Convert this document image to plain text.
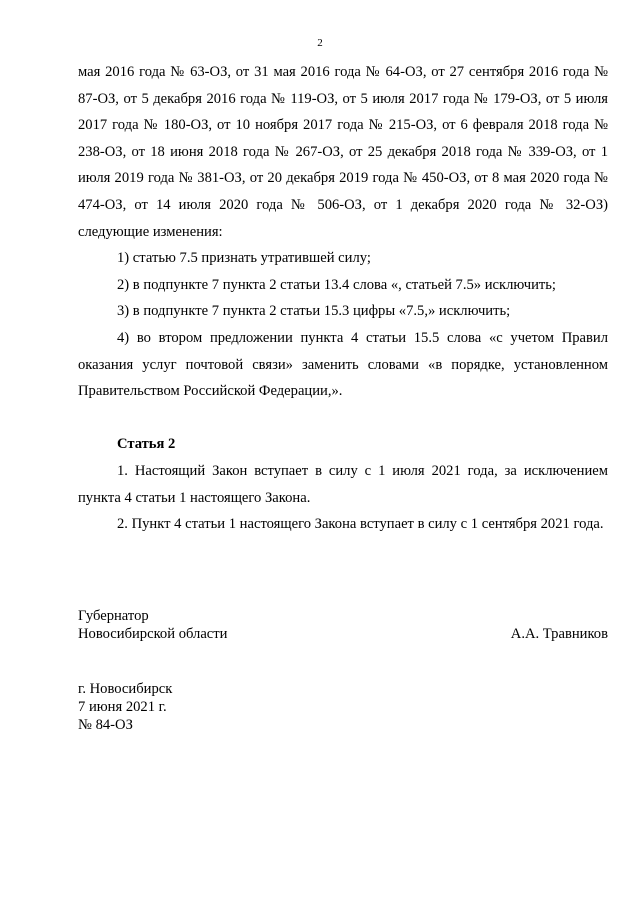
2

мая 2016 года № 63-ОЗ, от 31 мая 2016 года № 64-ОЗ, от 27 сентября 2016 года № 87-ОЗ, от 5 декабря 2016 года № 119-ОЗ, от 5 июля 2017 года № 179-ОЗ, от 5 июля 2017 года № 180-ОЗ, от 10 ноября 2017 года № 215-ОЗ, от 6 февраля 2018 года № 238-ОЗ, от 18 июня 2018 года № 267-ОЗ, от 25 декабря 2018 года № 339-ОЗ, от 1 июля 2019 года № 381-ОЗ, от 20 декабря 2019 года № 450-ОЗ, от 8 мая 2020 года № 474-ОЗ, от 14 июля 2020 года № 506-ОЗ, от 1 декабря 2020 года № 32-ОЗ) следующие изменения:

1) статью 7.5 признать утратившей силу;

2) в подпункте 7 пункта 2 статьи 13.4 слова «, статьей 7.5» исключить;

3) в подпункте 7 пункта 2 статьи 15.3 цифры «7.5,» исключить;

4) во втором предложении пункта 4 статьи 15.5 слова «с учетом Правил оказания услуг почтовой связи» заменить словами «в порядке, установленном Правительством Российской Федерации,».

Статья 2

1. Настоящий Закон вступает в силу с 1 июля 2021 года, за исключением пункта 4 статьи 1 настоящего Закона.

2. Пункт 4 статьи 1 настоящего Закона вступает в силу с 1 сентября 2021 года.

Губернатор
Новосибирской области	А.А. Травников
г. Новосибирск
7 июня 2021 г.
№ 84-ОЗ
